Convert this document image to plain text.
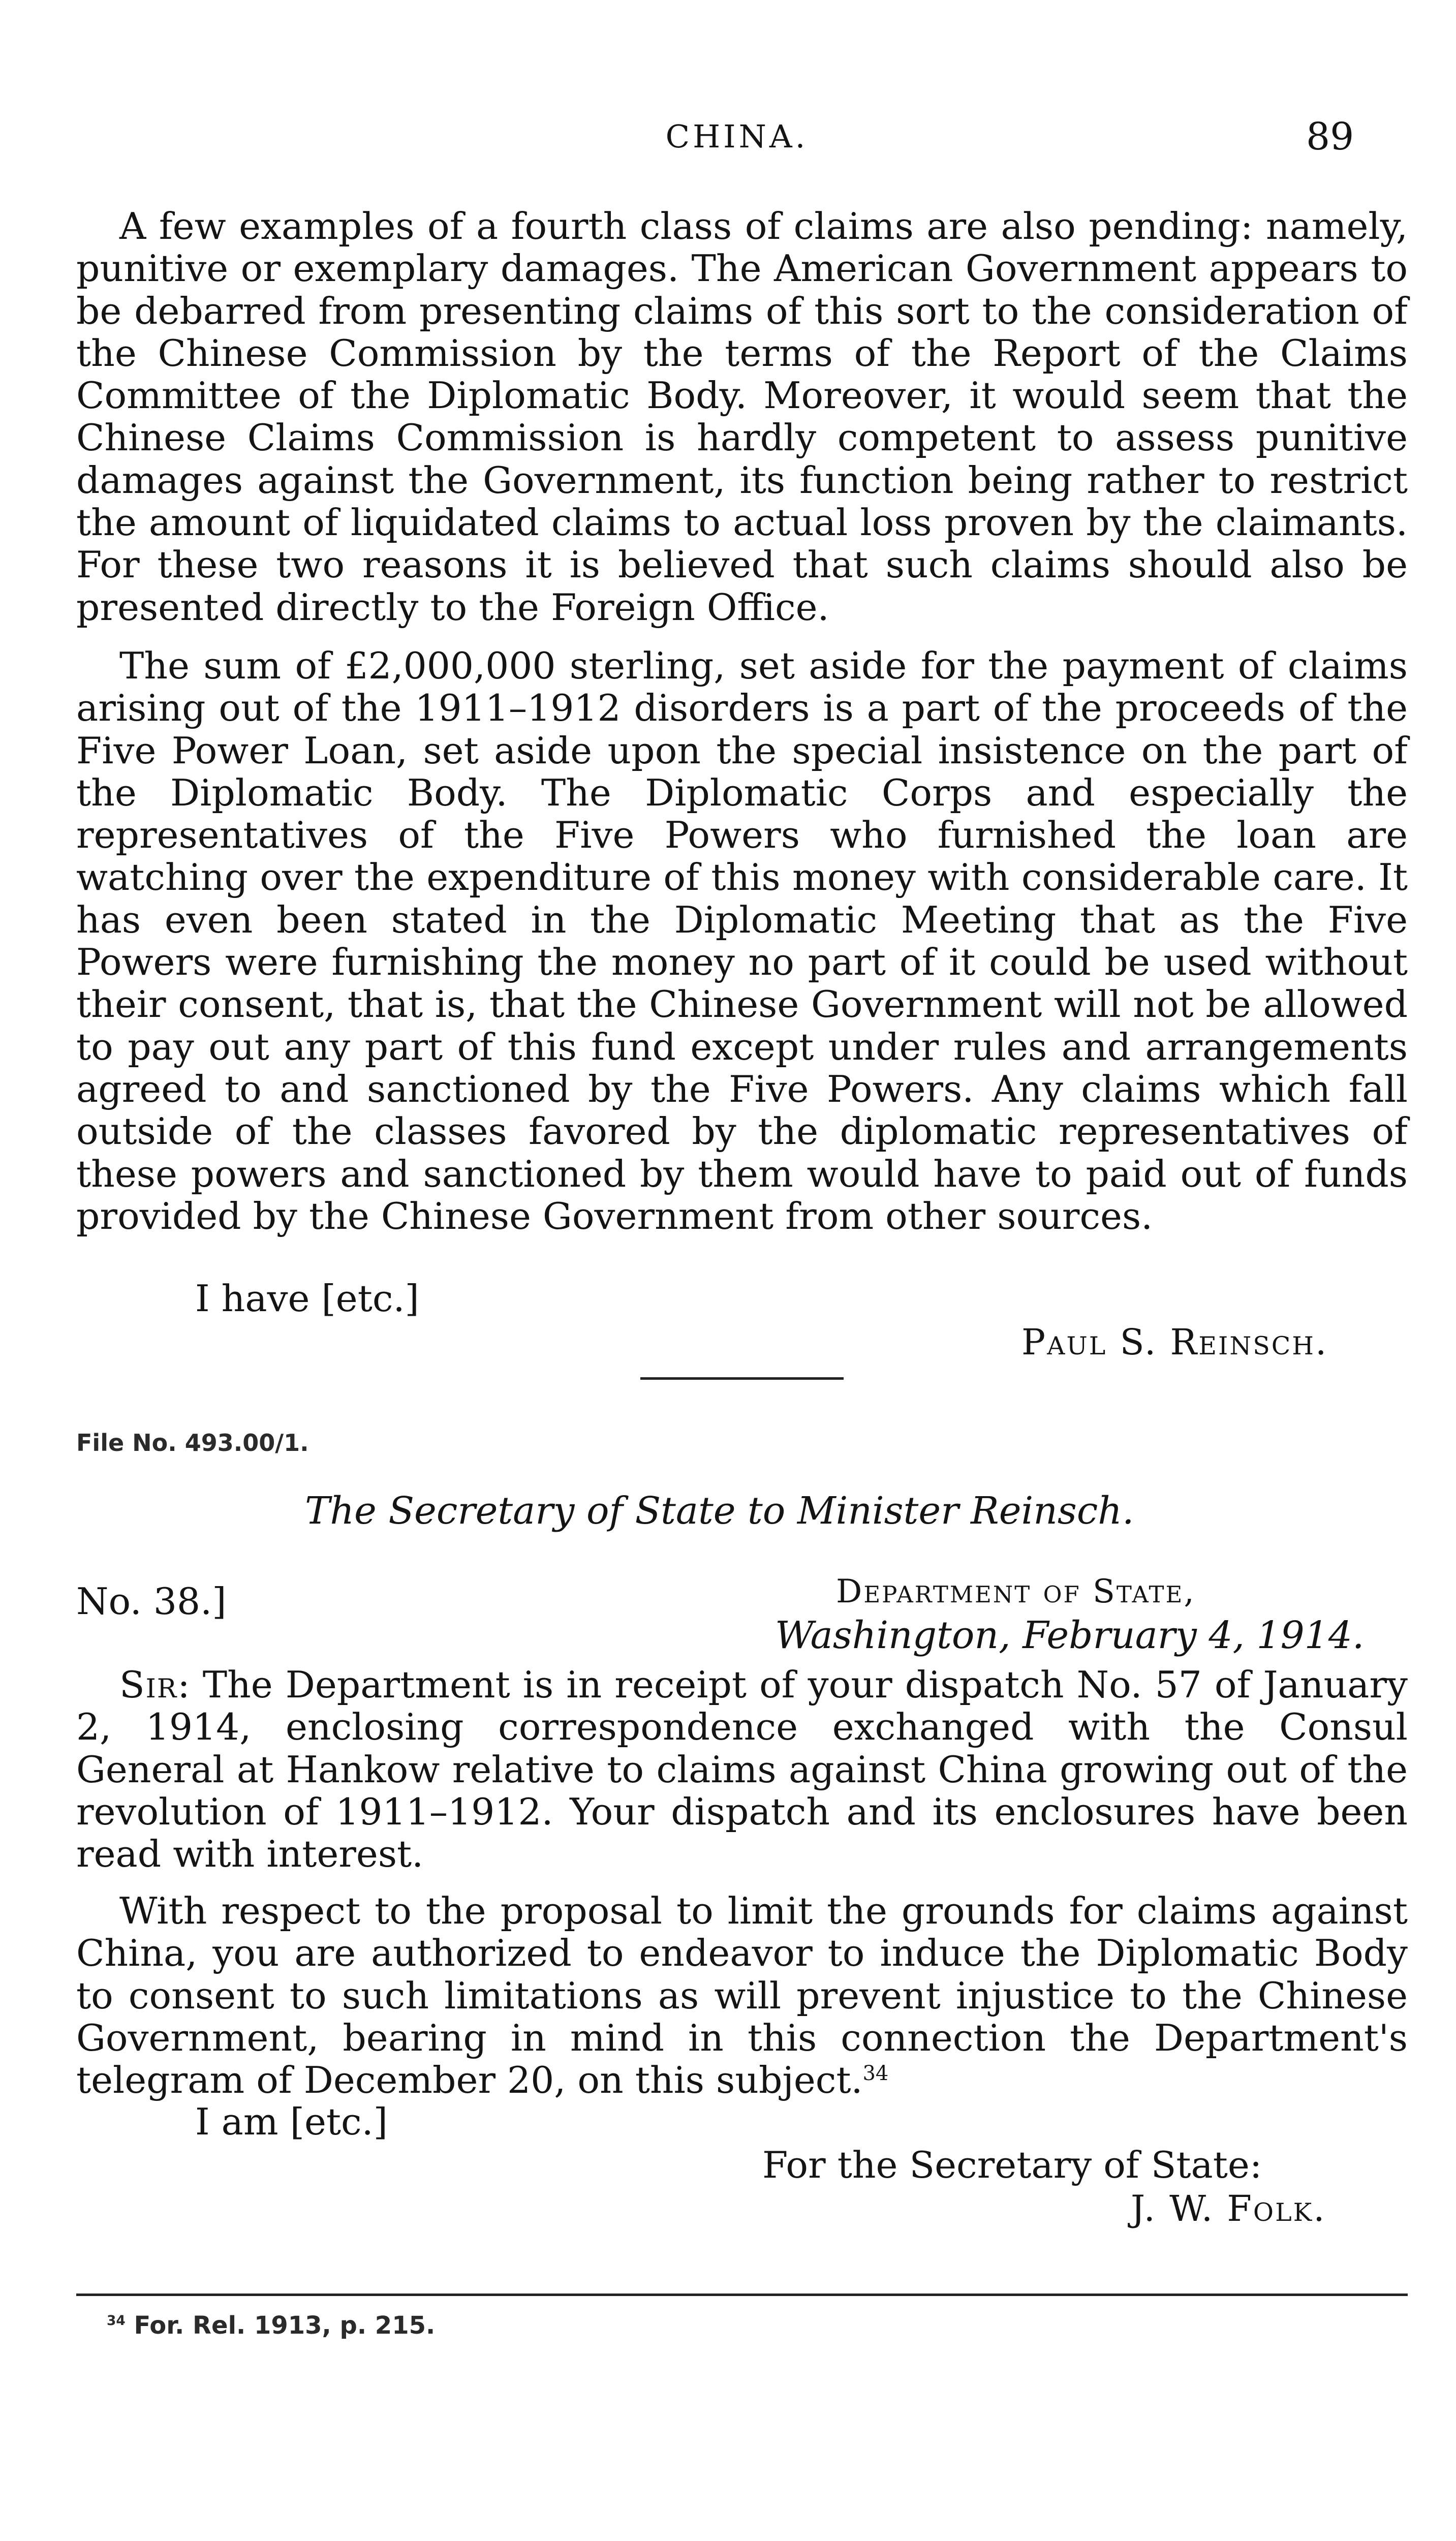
CHINA.	89

A few examples of a fourth class of claims are also pending: namely, punitive or exemplary damages. The American Government appears to be debarred from presenting claims of this sort to the consideration of the Chinese Commission by the terms of the Report of the Claims Committee of the Diplomatic Body. Moreover, it would seem that the Chinese Claims Commission is hardly competent to assess punitive damages against the Government, its function being rather to restrict the amount of liquidated claims to actual loss proven by the claimants. For these two reasons it is believed that such claims should also be presented directly to the Foreign Office.

The sum of £2,000,000 sterling, set aside for the payment of claims arising out of the 1911–1912 disorders is a part of the proceeds of the Five Power Loan, set aside upon the special insistence on the part of the Diplomatic Body. The Diplomatic Corps and especially the representatives of the Five Powers who furnished the loan are watching over the expenditure of this money with considerable care. It has even been stated in the Diplomatic Meeting that as the Five Powers were furnishing the money no part of it could be used without their consent, that is, that the Chinese Government will not be allowed to pay out any part of this fund except under rules and arrangements agreed to and sanctioned by the Five Powers. Any claims which fall outside of the classes favored by the diplomatic representatives of these powers and sanctioned by them would have to paid out of funds provided by the Chinese Government from other sources.

I have [etc.]
Paul S. Reinsch.
File No. 493.00/1.
The Secretary of State to Minister Reinsch.
No. 38.]	Department of State,
Washington, February 4, 1914.

Sir: The Department is in receipt of your dispatch No. 57 of January 2, 1914, enclosing correspondence exchanged with the Consul General at Hankow relative to claims against China growing out of the revolution of 1911–1912. Your dispatch and its enclosures have been read with interest.

With respect to the proposal to limit the grounds for claims against China, you are authorized to endeavor to induce the Diplomatic Body to consent to such limitations as will prevent injustice to the Chinese Government, bearing in mind in this connection the Department's telegram of December 20, on this subject.$^{34}$

I am [etc.]
For the Secretary of State:
J. W. Folk.
$^{34}$ For. Rel. 1913, p. 215.
